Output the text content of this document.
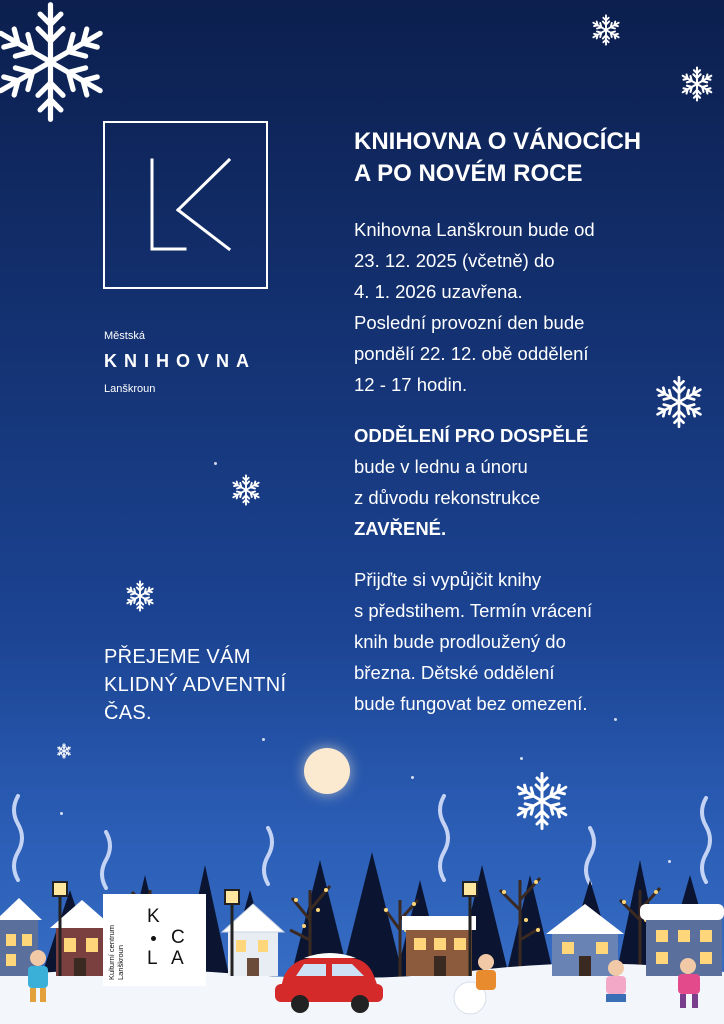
Městská
KNIHOVNA
Lanškroun
KNIHOVNA O VÁNOCÍCH
A PO NOVÉM ROCE
Knihovna Lanškroun bude od
23. 12. 2025 (včetně) do
4. 1. 2026 uzavřena.
Poslední provozní den bude
pondělí 22. 12. obě oddělení
12 - 17 hodin.
ODDĚLENÍ PRO DOSPĚLÉ
bude v lednu a únoru
z důvodu rekonstrukce
ZAVŘENÉ.
Přijďte si vypůjčit knihy
s předstihem. Termín vrácení
knih bude prodloužený do
března. Dětské oddělení
bude fungovat bez omezení.
PŘEJEME VÁM
KLIDNÝ ADVENTNÍ
ČAS.
Kulturní centrum Lanškroun
K
C
L A
